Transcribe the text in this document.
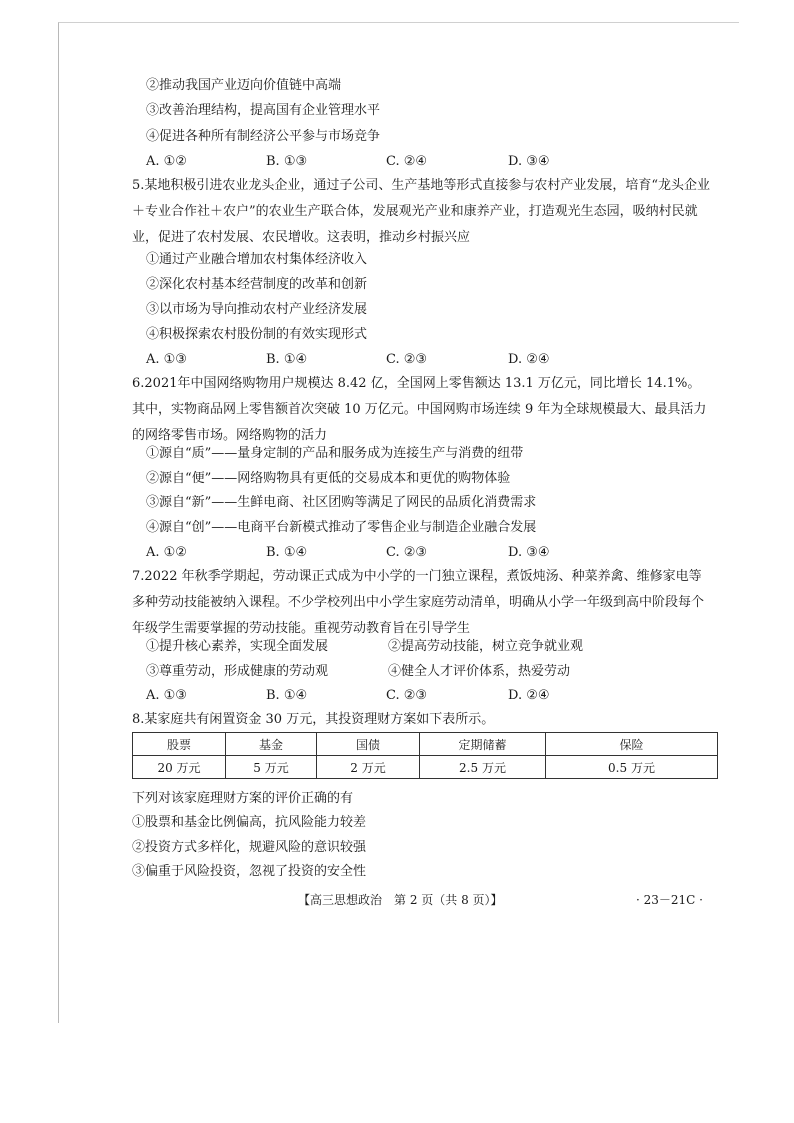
②推动我国产业迈向价值链中高端
③改善治理结构，提高国有企业管理水平
④促进各种所有制经济公平参与市场竞争
A. ①②	B. ①③	C. ②④	D. ③④
5.某地积极引进农业龙头企业，通过子公司、生产基地等形式直接参与农村产业发展，培育“龙头企业＋专业合作社＋农户”的农业生产联合体，发展观光产业和康养产业，打造观光生态园，吸纳村民就业，促进了农村发展、农民增收。这表明，推动乡村振兴应
①通过产业融合增加农村集体经济收入
②深化农村基本经营制度的改革和创新
③以市场为导向推动农村产业经济发展
④积极探索农村股份制的有效实现形式
A. ①③	B. ①④	C. ②③	D. ②④
6.2021年中国网络购物用户规模达 8.42 亿，全国网上零售额达 13.1 万亿元，同比增长 14.1%。其中，实物商品网上零售额首次突破 10 万亿元。中国网购市场连续 9 年为全球规模最大、最具活力的网络零售市场。网络购物的活力
①源自“质”——量身定制的产品和服务成为连接生产与消费的纽带
②源自“便”——网络购物具有更低的交易成本和更优的购物体验
③源自“新”——生鲜电商、社区团购等满足了网民的品质化消费需求
④源自“创”——电商平台新模式推动了零售企业与制造企业融合发展
A. ①②	B. ①④	C. ②③	D. ③④
7.2022 年秋季学期起，劳动课正式成为中小学的一门独立课程，煮饭炖汤、种菜养禽、维修家电等多种劳动技能被纳入课程。不少学校列出中小学生家庭劳动清单，明确从小学一年级到高中阶段每个年级学生需要掌握的劳动技能。重视劳动教育旨在引导学生
①提升核心素养，实现全面发展	②提高劳动技能，树立竞争就业观
③尊重劳动，形成健康的劳动观	④健全人才评价体系，热爱劳动
A. ①③	B. ①④	C. ②③	D. ②④
8.某家庭共有闲置资金 30 万元，其投资理财方案如下表所示。
股票	基金	国债	定期储蓄	保险
20 万元	5 万元	2 万元	2.5 万元	0.5 万元
下列对该家庭理财方案的评价正确的有
①股票和基金比例偏高，抗风险能力较差
②投资方式多样化，规避风险的意识较强
③偏重于风险投资，忽视了投资的安全性
【高三思想政治　第 2 页（共 8 页）】	· 23－21C ·
